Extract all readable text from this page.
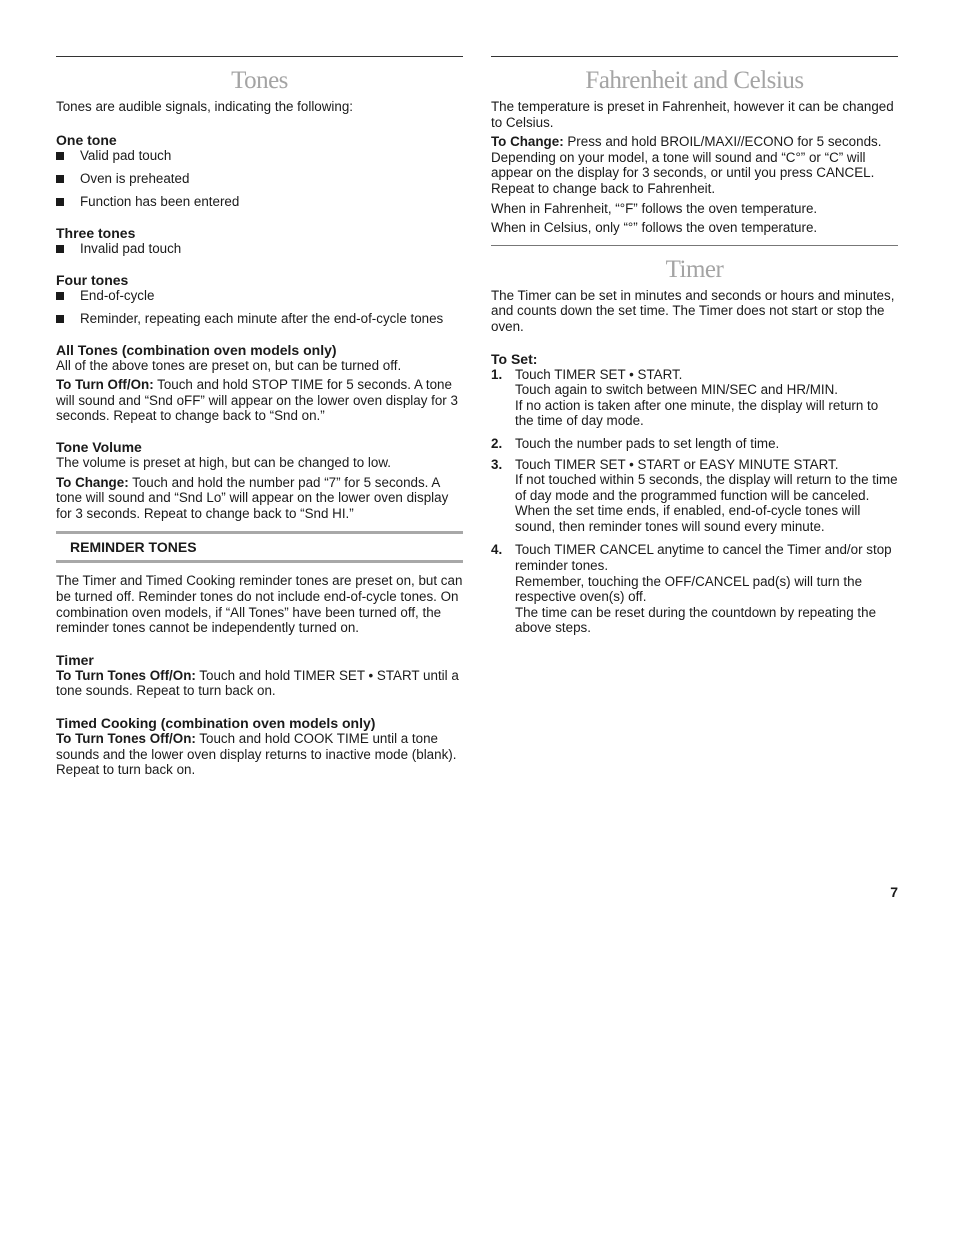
Tones

Tones are audible signals, indicating the following:

One tone
Valid pad touch
Oven is preheated
Function has been entered
Three tones
Invalid pad touch
Four tones
End-of-cycle
Reminder, repeating each minute after the end-of-cycle tones
All Tones (combination oven models only)

All of the above tones are preset on, but can be turned off.

To Turn Off/On: Touch and hold STOP TIME for 5 seconds. A tone will sound and “Snd oFF” will appear on the lower oven display for 3 seconds. Repeat to change back to “Snd on.”

Tone Volume

The volume is preset at high, but can be changed to low.

To Change: Touch and hold the number pad “7” for 5 seconds. A tone will sound and “Snd Lo” will appear on the lower oven display for 3 seconds. Repeat to change back to “Snd HI.”

REMINDER TONES

The Timer and Timed Cooking reminder tones are preset on, but can be turned off. Reminder tones do not include end-of-cycle tones. On combination oven models, if “All Tones” have been turned off, the reminder tones cannot be independently turned on.

Timer

To Turn Tones Off/On: Touch and hold TIMER SET • START until a tone sounds. Repeat to turn back on.

Timed Cooking (combination oven models only)

To Turn Tones Off/On: Touch and hold COOK TIME until a tone sounds and the lower oven display returns to inactive mode (blank). Repeat to turn back on.

Fahrenheit and Celsius

The temperature is preset in Fahrenheit, however it can be changed to Celsius.

To Change: Press and hold BROIL/MAXI//ECONO for 5 seconds. Depending on your model, a tone will sound and “C°” or “C” will appear on the display for 3 seconds, or until you press CANCEL. Repeat to change back to Fahrenheit.

When in Fahrenheit, “°F” follows the oven temperature.

When in Celsius, only “°” follows the oven temperature.

Timer

The Timer can be set in minutes and seconds or hours and minutes, and counts down the set time. The Timer does not start or stop the oven.

To Set:
1. Touch TIMER SET • START.

Touch again to switch between MIN/SEC and HR/MIN.

If no action is taken after one minute, the display will return to the time of day mode.

2. Touch the number pads to set length of time.
3. Touch TIMER SET • START or EASY MINUTE START.

If not touched within 5 seconds, the display will return to the time of day mode and the programmed function will be canceled.

When the set time ends, if enabled, end-of-cycle tones will sound, then reminder tones will sound every minute.

4. Touch TIMER CANCEL anytime to cancel the Timer and/or stop reminder tones.

Remember, touching the OFF/CANCEL pad(s) will turn the respective oven(s) off.

The time can be reset during the countdown by repeating the above steps.

7
